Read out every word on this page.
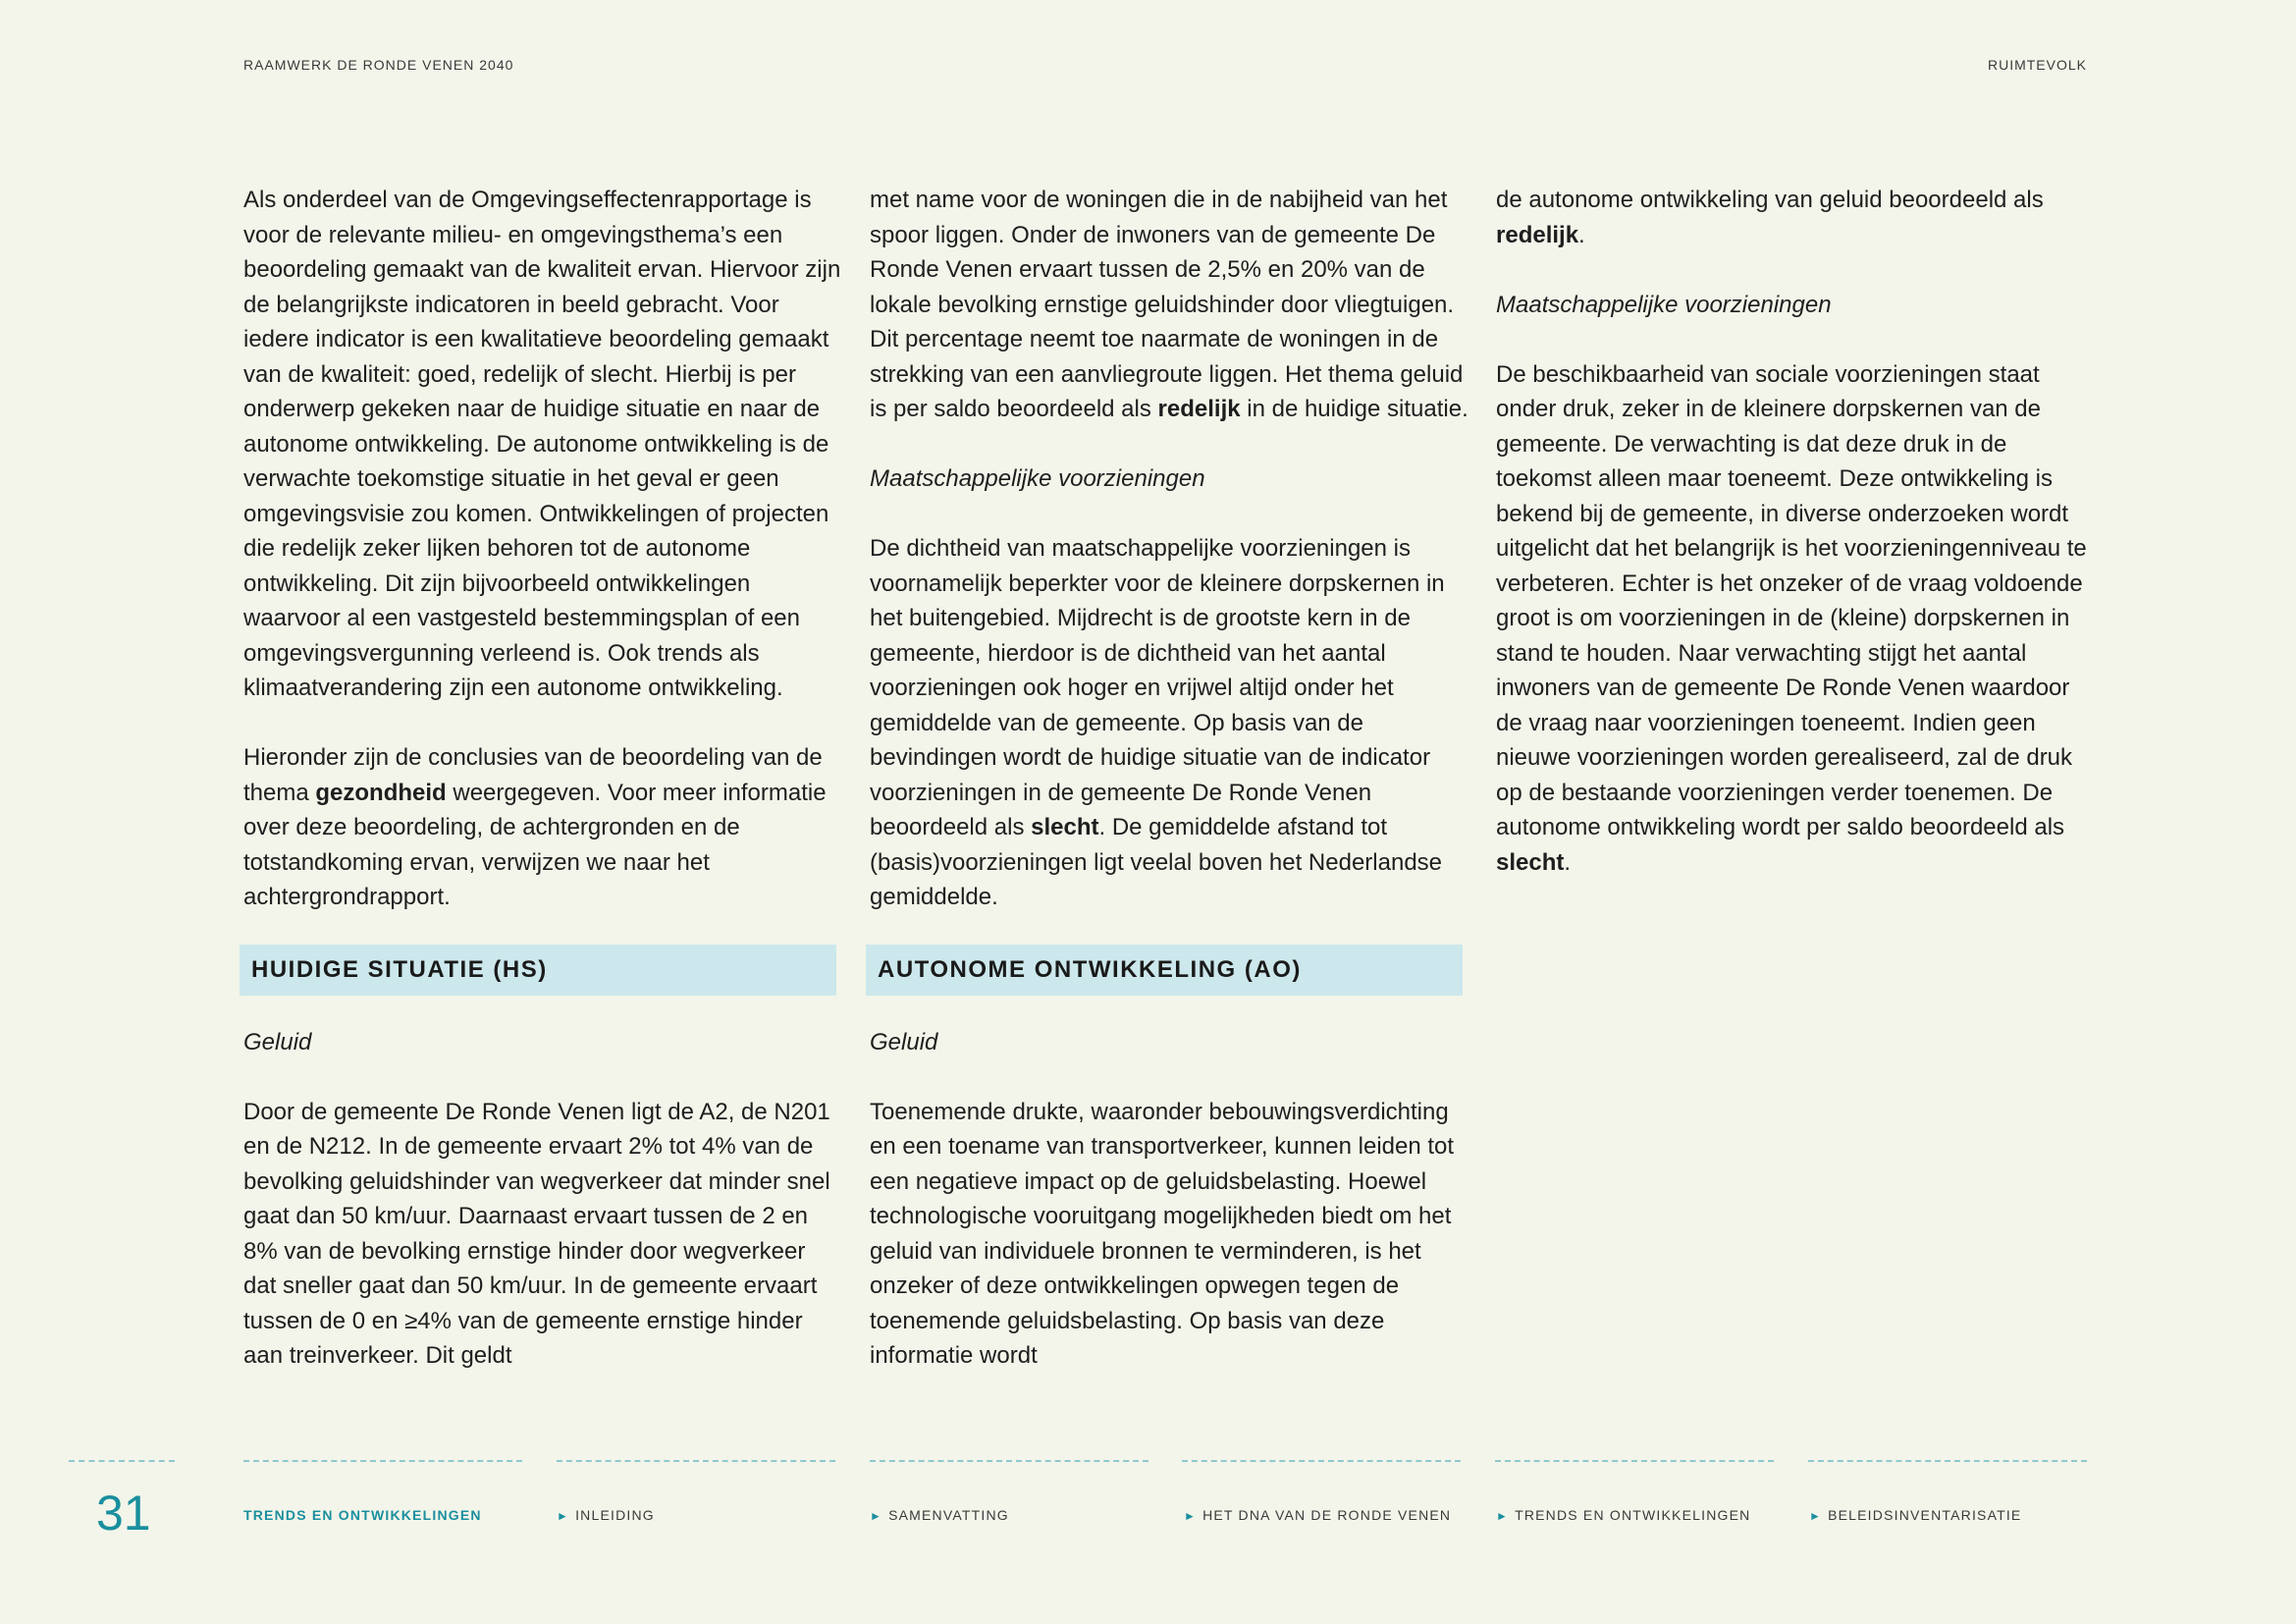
RAAMWERK DE RONDE VENEN 2040	RUIMTEVOLK

Als onderdeel van de Omgevingseffectenrapportage is voor de relevante milieu- en omgevingsthema’s een beoordeling gemaakt van de kwaliteit ervan. Hiervoor zijn de belangrijkste indicatoren in beeld gebracht. Voor iedere indicator is een kwalitatieve beoordeling gemaakt van de kwaliteit: goed, redelijk of slecht. Hierbij is per onderwerp gekeken naar de huidige situatie en naar de autonome ontwikkeling. De autonome ontwikkeling is de verwachte toekomstige situatie in het geval er geen omgevingsvisie zou komen. Ontwikkelingen of projecten die redelijk zeker lijken behoren tot de autonome ontwikkeling. Dit zijn bijvoorbeeld ontwikkelingen waarvoor al een vastgesteld bestemmingsplan of een omgevingsvergunning verleend is. Ook trends als klimaatverandering zijn een autonome ontwikkeling.

Hieronder zijn de conclusies van de beoordeling van de thema gezondheid weergegeven. Voor meer informatie over deze beoordeling, de achtergronden en de totstandkoming ervan, verwijzen we naar het achtergrondrapport.

HUIDIGE SITUATIE (HS)

Geluid

Door de gemeente De Ronde Venen ligt de A2, de N201 en de N212. In de gemeente ervaart 2% tot 4% van de bevolking geluidshinder van wegverkeer dat minder snel gaat dan 50 km/uur. Daarnaast ervaart tussen de 2 en 8% van de bevolking ernstige hinder door wegverkeer dat sneller gaat dan 50 km/uur. In de gemeente ervaart tussen de 0 en ≥4% van de gemeente ernstige hinder aan treinverkeer. Dit geldt

met name voor de woningen die in de nabijheid van het spoor liggen. Onder de inwoners van de gemeente De Ronde Venen ervaart tussen de 2,5% en 20% van de lokale bevolking ernstige geluidshinder door vliegtuigen. Dit percentage neemt toe naarmate de woningen in de strekking van een aanvliegroute liggen. Het thema geluid is per saldo beoordeeld als redelijk in de huidige situatie.

Maatschappelijke voorzieningen

De dichtheid van maatschappelijke voorzieningen is voornamelijk beperkter voor de kleinere dorpskernen in het buitengebied. Mijdrecht is de grootste kern in de gemeente, hierdoor is de dichtheid van het aantal voorzieningen ook hoger en vrijwel altijd onder het gemiddelde van de gemeente. Op basis van de bevindingen wordt de huidige situatie van de indicator voorzieningen in de gemeente De Ronde Venen beoordeeld als slecht. De gemiddelde afstand tot (basis)voorzieningen ligt veelal boven het Nederlandse gemiddelde.

AUTONOME ONTWIKKELING (AO)

Geluid

Toenemende drukte, waaronder bebouwingsverdichting en een toename van transportverkeer, kunnen leiden tot een negatieve impact op de geluidsbelasting. Hoewel technologische vooruitgang mogelijkheden biedt om het geluid van individuele bronnen te verminderen, is het onzeker of deze ontwikkelingen opwegen tegen de toenemende geluidsbelasting. Op basis van deze informatie wordt

de autonome ontwikkeling van geluid beoordeeld als redelijk.

Maatschappelijke voorzieningen

De beschikbaarheid van sociale voorzieningen staat onder druk, zeker in de kleinere dorpskernen van de gemeente. De verwachting is dat deze druk in de toekomst alleen maar toeneemt. Deze ontwikkeling is bekend bij de gemeente, in diverse onderzoeken wordt uitgelicht dat het belangrijk is het voorzieningenniveau te verbeteren. Echter is het onzeker of de vraag voldoende groot is om voorzieningen in de (kleine) dorpskernen in stand te houden. Naar verwachting stijgt het aantal inwoners van de gemeente De Ronde Venen waardoor de vraag naar voorzieningen toeneemt. Indien geen nieuwe voorzieningen worden gerealiseerd, zal de druk op de bestaande voorzieningen verder toenemen. De autonome ontwikkeling wordt per saldo beoordeeld als slecht.

31	TRENDS EN ONTWIKKELINGEN	► INLEIDING	► SAMENVATTING	► HET DNA VAN DE RONDE VENEN	► TRENDS EN ONTWIKKELINGEN	► BELEIDSINVENTARISATIE
